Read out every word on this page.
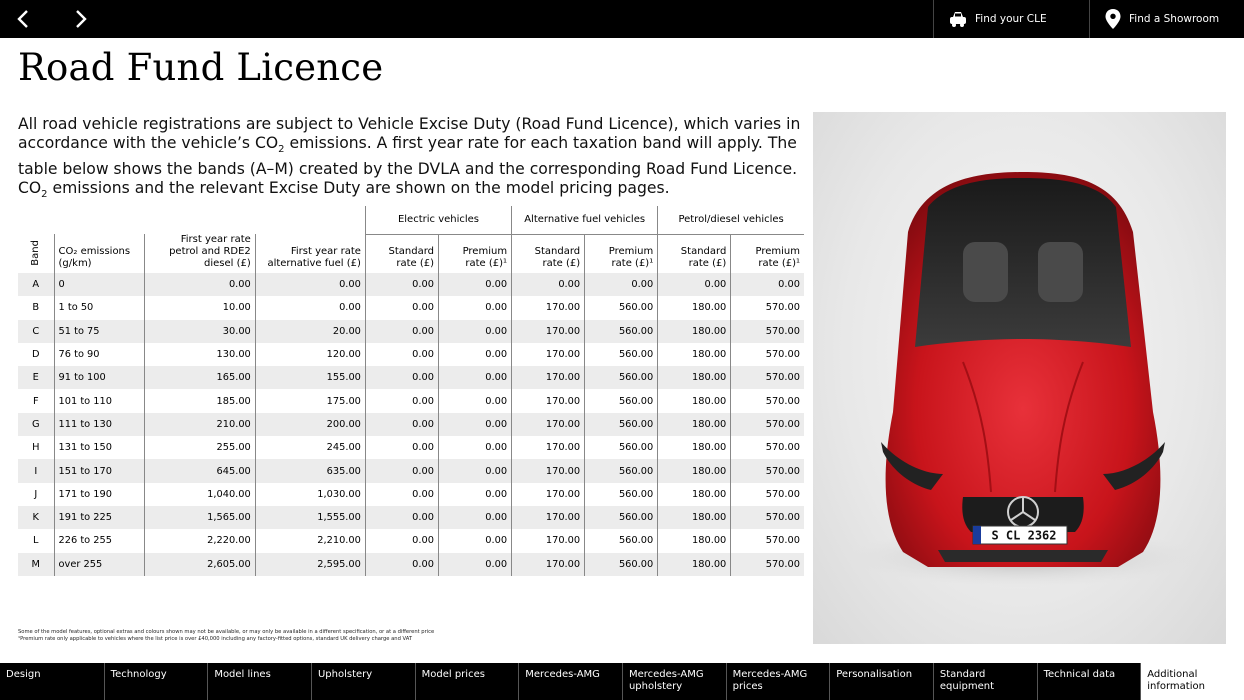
Find your CLE	Find a Showroom
Road Fund Licence

All road vehicle registrations are subject to Vehicle Excise Duty (Road Fund Licence), which varies in accordance with the vehicle’s $CO_2$ emissions. A first year rate for each taxation band will apply. The table below shows the bands (A–M) created by the DVLA and the corresponding Road Fund Licence. $CO_2$ emissions and the relevant Excise Duty are shown on the model pricing pages.

				Electric vehicles		Alternative fuel vehicles		Petrol/diesel vehicles	
Band	CO₂ emissions (g/km)	First year rate petrol and RDE2 diesel (£)	First year rate alternative fuel (£)	Standard rate (£)	Premium rate (£)¹	Standard rate (£)	Premium rate (£)¹	Standard rate (£)	Premium rate (£)¹
A	0	0.00	0.00	0.00	0.00	0.00	0.00	0.00	0.00
B	1 to 50	10.00	0.00	0.00	0.00	170.00	560.00	180.00	570.00
C	51 to 75	30.00	20.00	0.00	0.00	170.00	560.00	180.00	570.00
D	76 to 90	130.00	120.00	0.00	0.00	170.00	560.00	180.00	570.00
E	91 to 100	165.00	155.00	0.00	0.00	170.00	560.00	180.00	570.00
F	101 to 110	185.00	175.00	0.00	0.00	170.00	560.00	180.00	570.00
G	111 to 130	210.00	200.00	0.00	0.00	170.00	560.00	180.00	570.00
H	131 to 150	255.00	245.00	0.00	0.00	170.00	560.00	180.00	570.00
I	151 to 170	645.00	635.00	0.00	0.00	170.00	560.00	180.00	570.00
J	171 to 190	1,040.00	1,030.00	0.00	0.00	170.00	560.00	180.00	570.00
K	191 to 225	1,565.00	1,555.00	0.00	0.00	170.00	560.00	180.00	570.00
L	226 to 255	2,220.00	2,210.00	0.00	0.00	170.00	560.00	180.00	570.00
M	over 255	2,605.00	2,595.00	0.00	0.00	170.00	560.00	180.00	570.00
Some of the model features, optional extras and colours shown may not be available, or may only be available in a different specification, or at a different price
¹Premium rate only applicable to vehicles where the list price is over £40,000 including any factory-fitted options, standard UK delivery charge and VAT
S CL 2362
Design	Technology	Model lines	Upholstery	Model prices	Mercedes-AMG	Mercedes-AMG upholstery
Mercedes-AMG prices
Personalisation	Standard equipment
Technical data	Additional information
